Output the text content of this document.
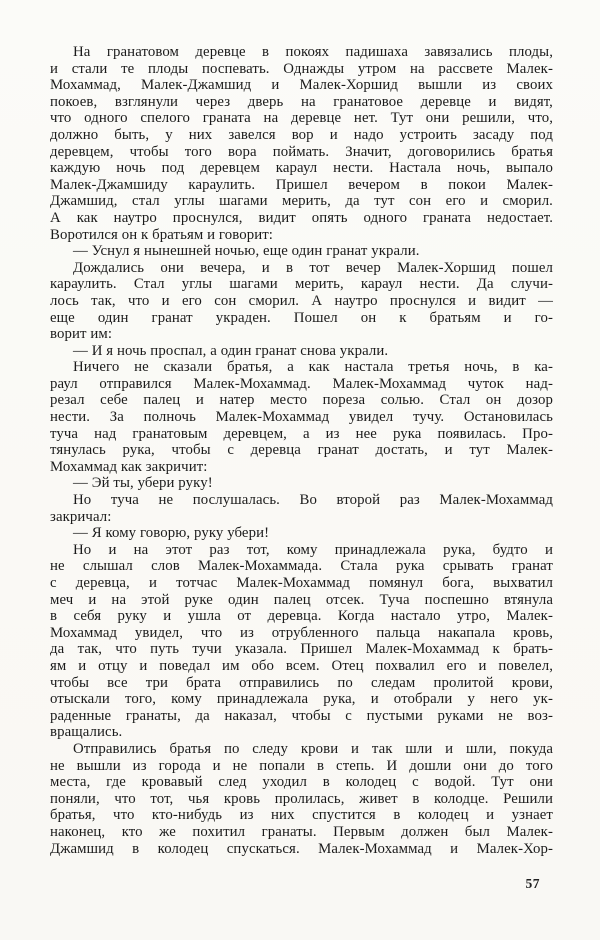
На гранатовом деревце в покоях падишаха завязались плоды,
и стали те плоды поспевать. Однажды утром на рассвете Малек-
Мохаммад, Малек-Джамшид и Малек-Хоршид вышли из своих
покоев, взглянули через дверь на гранатовое деревце и видят,
что одного спелого граната на деревце нет. Тут они решили, что,
должно быть, у них завелся вор и надо устроить засаду под
деревцем, чтобы того вора поймать. Значит, договорились братья
каждую ночь под деревцем караул нести. Настала ночь, выпало
Малек-Джамшиду караулить. Пришел вечером в покои Малек-
Джамшид, стал углы шагами мерить, да тут сон его и сморил.
А как наутро проснулся, видит опять одного граната недостает.
Воротился он к братьям и говорит:
— Уснул я нынешней ночью, еще один гранат украли.
Дождались они вечера, и в тот вечер Малек-Хоршид пошел
караулить. Стал углы шагами мерить, караул нести. Да случи-
лось так, что и его сон сморил. А наутро проснулся и видит —
еще один гранат украден. Пошел он к братьям и го-
ворит им:
— И я ночь проспал, а один гранат снова украли.
Ничего не сказали братья, а как настала третья ночь, в ка-
раул отправился Малек-Мохаммад. Малек-Мохаммад чуток над-
резал себе палец и натер место пореза солью. Стал он дозор
нести. За полночь Малек-Мохаммад увидел тучу. Остановилась
туча над гранатовым деревцем, а из нее рука появилась. Про-
тянулась рука, чтобы с деревца гранат достать, и тут Малек-
Мохаммад как закричит:
— Эй ты, убери руку!
Но туча не послушалась. Во второй раз Малек-Мохаммад
закричал:
— Я кому говорю, руку убери!
Но и на этот раз тот, кому принадлежала рука, будто и
не слышал слов Малек-Мохаммада. Стала рука срывать гранат
с деревца, и тотчас Малек-Мохаммад помянул бога, выхватил
меч и на этой руке один палец отсек. Туча поспешно втянула
в себя руку и ушла от деревца. Когда настало утро, Малек-
Мохаммад увидел, что из отрубленного пальца накапала кровь,
да так, что путь тучи указала. Пришел Малек-Мохаммад к брать-
ям и отцу и поведал им обо всем. Отец похвалил его и повелел,
чтобы все три брата отправились по следам пролитой крови,
отыскали того, кому принадлежала рука, и отобрали у него ук-
раденные гранаты, да наказал, чтобы с пустыми руками не воз-
вращались.
Отправились братья по следу крови и так шли и шли, покуда
не вышли из города и не попали в степь. И дошли они до того
места, где кровавый след уходил в колодец с водой. Тут они
поняли, что тот, чья кровь пролилась, живет в колодце. Решили
братья, что кто-нибудь из них спустится в колодец и узнает
наконец, кто же похитил гранаты. Первым должен был Малек-
Джамшид в колодец спускаться. Малек-Мохаммад и Малек-Хор-
57
